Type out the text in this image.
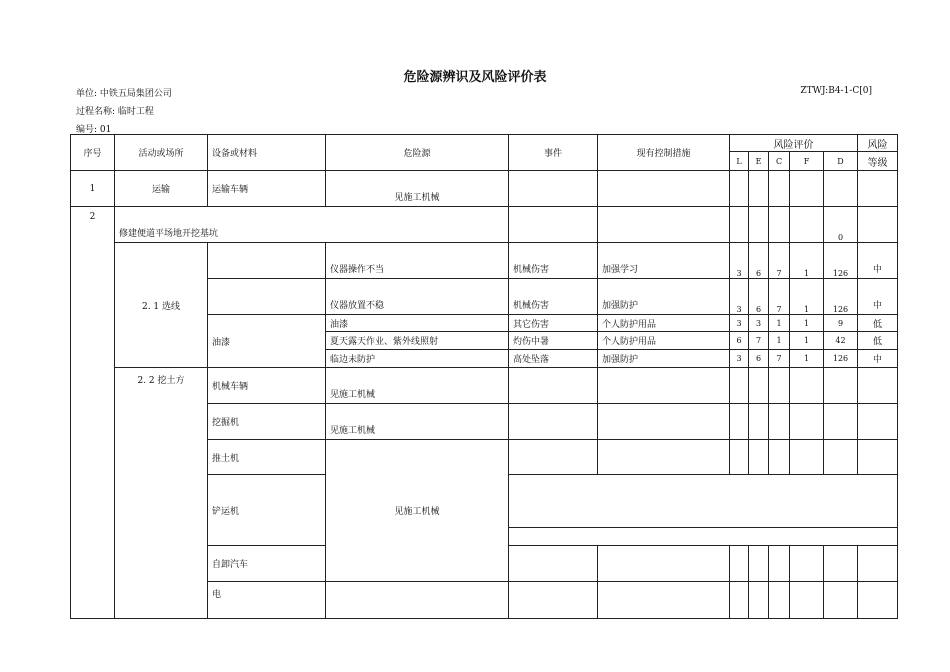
危险源辨识及风险评价表
单位: 中铁五局集团公司	ZTWJ:B4-1-C[0]
过程名称: 临时工程
编号: 01
序号	活动或场所	设备或材料	危险源	事件	现有控制措施	风险评价					风险
						L	E	C	F	D	等级
1	运输	运输车辆	见施工机械								
2	修建便道平场地开挖基坑									0	
	2. 1 选线		仪器操作不当	机械伤害	加强学习	3	6	7	1	126	中
			仪器放置不稳	机械伤害	加强防护	3	6	7	1	126	中
		油漆	油漆	其它伤害	个人防护用品	3	3	1	1	9	低
			夏天露天作业、紫外线照射	灼伤中暑	个人防护用品	6	7	1	1	42	低
			临边未防护	高处坠落	加强防护	3	6	7	1	126	中
	2. 2 挖土方	机械车辆	见施工机械								
		挖掘机	见施工机械								
		推土机	见施工机械								
		铲运机									

		自卸汽车									
		电									
